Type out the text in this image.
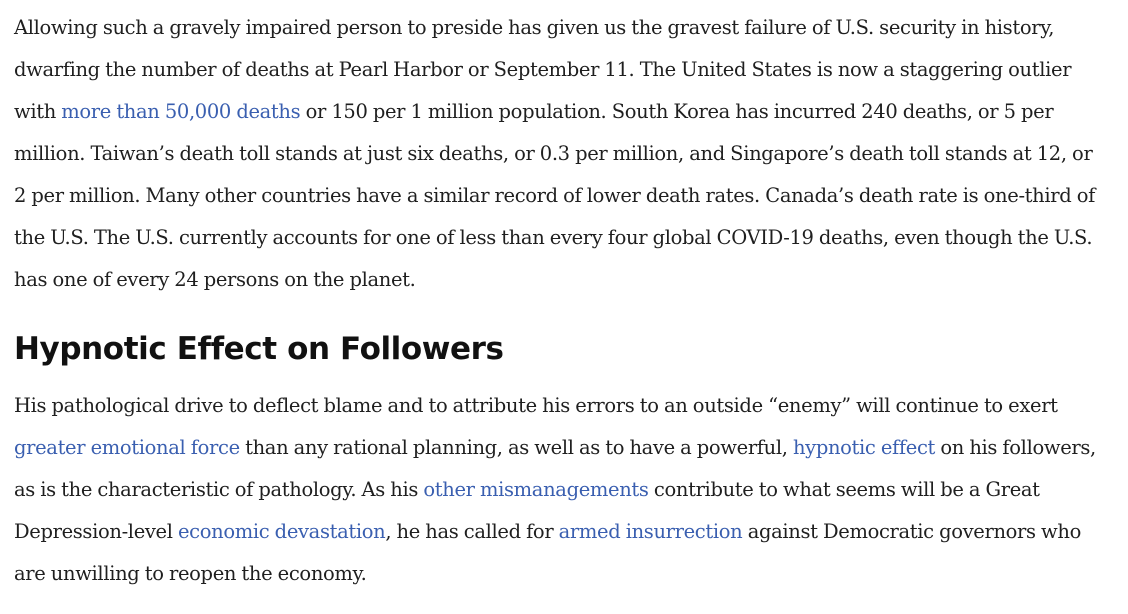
Allowing such a gravely impaired person to preside has given us the gravest failure of U.S. security in history, dwarfing the number of deaths at Pearl Harbor or September 11. The United States is now a staggering outlier with more than 50,000 deaths or 150 per 1 million population. South Korea has incurred 240 deaths, or 5 per million. Taiwan’s death toll stands at just six deaths, or 0.3 per million, and Singapore’s death toll stands at 12, or 2 per million. Many other countries have a similar record of lower death rates. Canada’s death rate is one-third of the U.S. The U.S. currently accounts for one of less than every four global COVID-19 deaths, even though the U.S. has one of every 24 persons on the planet.

Hypnotic Effect on Followers

His pathological drive to deflect blame and to attribute his errors to an outside “enemy” will continue to exert greater emotional force than any rational planning, as well as to have a powerful, hypnotic effect on his followers, as is the characteristic of pathology. As his other mismanagements contribute to what seems will be a Great Depression-level economic devastation, he has called for armed insurrection against Democratic governors who are unwilling to reopen the economy.
